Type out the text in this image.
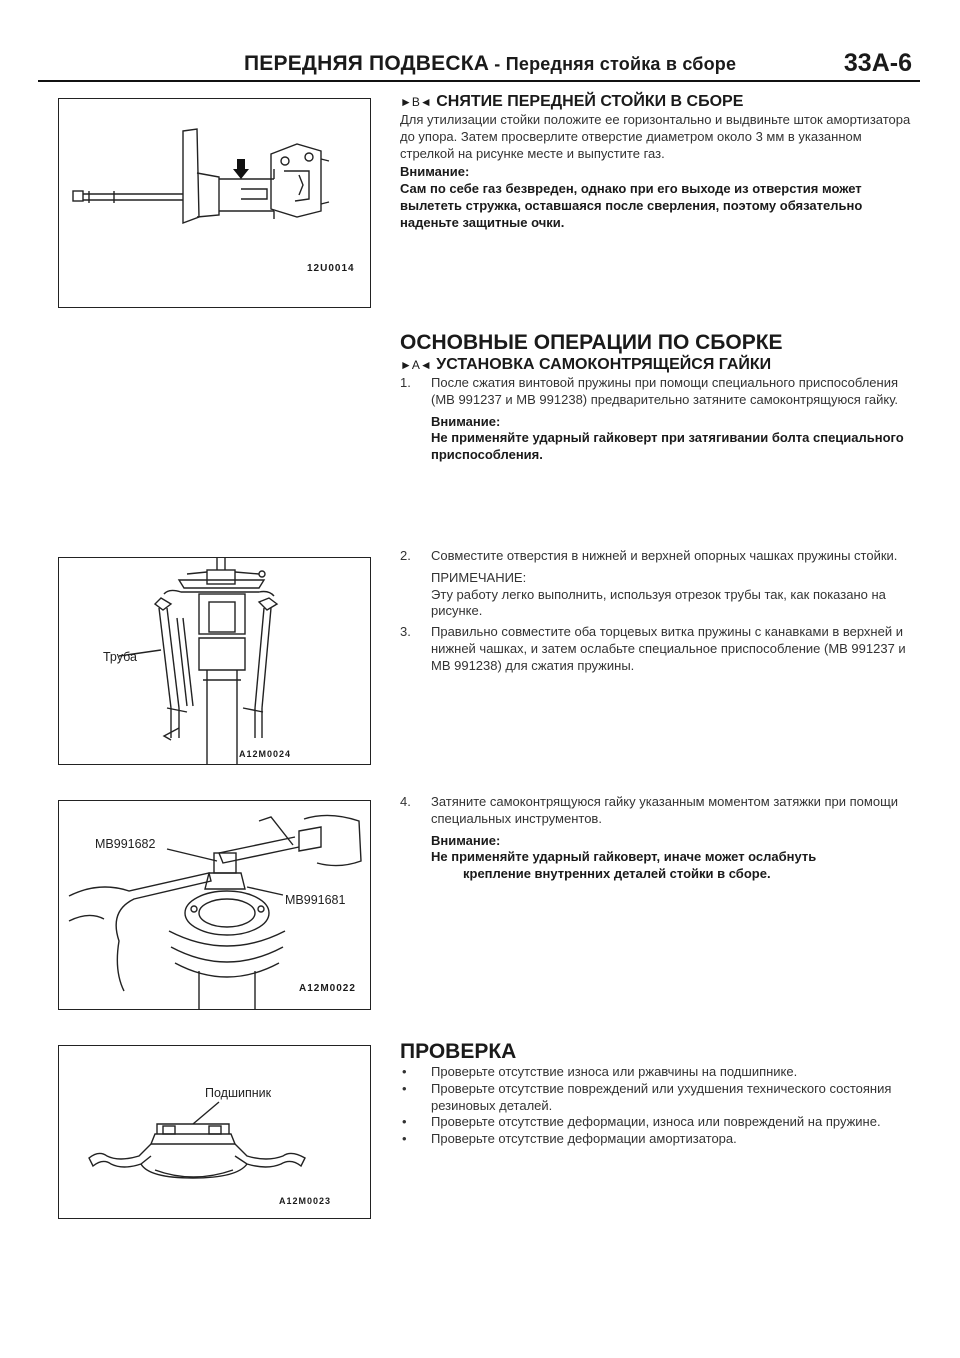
ПЕРЕДНЯЯ ПОДВЕСКА - Передняя стойка в сборе	33А-6
12U0014
►B◄ СНЯТИЕ ПЕРЕДНЕЙ СТОЙКИ В СБОРЕ

Для утилизации стойки положите ее горизонтально и выдвиньте шток амортизатора до упора. Затем просверлите отверстие диаметром около 3 мм в указанном стрелкой на рисунке месте и выпустите газ.

Внимание:

Сам по себе газ безвреден, однако при его выходе из отверстия может вылететь стружка, оставшаяся после сверления, поэтому обязательно наденьте защитные очки.

ОСНОВНЫЕ ОПЕРАЦИИ ПО СБОРКЕ
►A◄ УСТАНОВКА САМОКОНТРЯЩЕЙСЯ ГАЙКИ
1.	После сжатия винтовой пружины при помощи специального приспособления (MB 991237 и MB 991238) предварительно затяните самоконтрящуюся гайку.

Внимание:

Не применяйте ударный гайковерт при затягивании болта специального приспособления.

2.	Совместите отверстия в нижней и верхней опорных чашках пружины стойки.

ПРИМЕЧАНИЕ:

Эту работу легко выполнить, используя отрезок трубы так, как показано на рисунке.

3.	Правильно совместите оба торцевых витка пружины с канавками в верхней и нижней чашках, и затем ослабьте специальное приспособление (MB 991237 и MB 991238) для сжатия пружины.
4.	Затяните самоконтрящуюся гайку указанным моментом затяжки при помощи специальных инструментов.

Внимание:

Не применяйте ударный гайковерт, иначе может ослабнуть

крепление внутренних деталей стойки в сборе.

Труба
A12M0024
MB991682
MB991681
A12M0022
ПРОВЕРКА
•	Проверьте отсутствие износа или ржавчины на подшипнике.
•	Проверьте отсутствие повреждений или ухудшения технического состояния резиновых деталей.
•	Проверьте отсутствие деформации, износа или повреждений на пружине.
•	Проверьте отсутствие деформации амортизатора.
Подшипник
A12M0023
